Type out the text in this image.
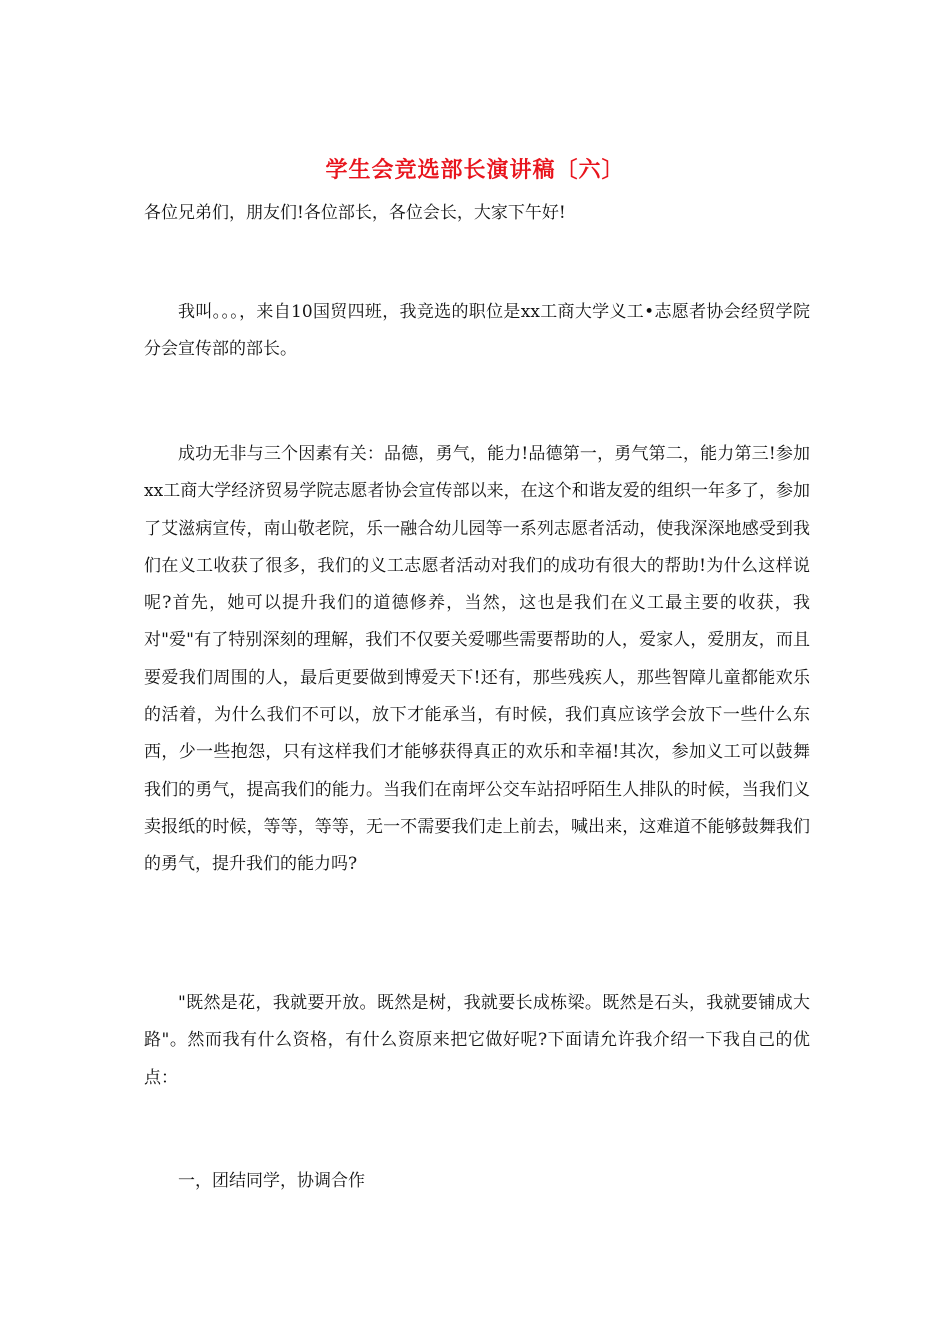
学生会竞选部长演讲稿〔六〕

各位兄弟们，朋友们!各位部长，各位会长，大家下午好!

我叫。。。，来自10国贸四班，我竞选的职位是xx工商大学义工•志愿者协会经贸学院分会宣传部的部长。

成功无非与三个因素有关：品德，勇气，能力!品德第一，勇气第二，能力第三!参加xx工商大学经济贸易学院志愿者协会宣传部以来，在这个和谐友爱的组织一年多了，参加了艾滋病宣传，南山敬老院，乐一融合幼儿园等一系列志愿者活动，使我深深地感受到我们在义工收获了很多，我们的义工志愿者活动对我们的成功有很大的帮助!为什么这样说呢?首先，她可以提升我们的道德修养，当然，这也是我们在义工最主要的收获，我对"爱"有了特别深刻的理解，我们不仅要关爱哪些需要帮助的人，爱家人，爱朋友，而且要爱我们周围的人，最后更要做到博爱天下!还有，那些残疾人，那些智障儿童都能欢乐的活着，为什么我们不可以，放下才能承当，有时候，我们真应该学会放下一些什么东西，少一些抱怨，只有这样我们才能够获得真正的欢乐和幸福!其次，参加义工可以鼓舞我们的勇气，提高我们的能力。当我们在南坪公交车站招呼陌生人排队的时候，当我们义卖报纸的时候，等等，等等，无一不需要我们走上前去，喊出来，这难道不能够鼓舞我们的勇气，提升我们的能力吗?

"既然是花，我就要开放。既然是树，我就要长成栋梁。既然是石头，我就要铺成大路"。然而我有什么资格，有什么资原来把它做好呢?下面请允许我介绍一下我自己的优点：

一，团结同学，协调合作
